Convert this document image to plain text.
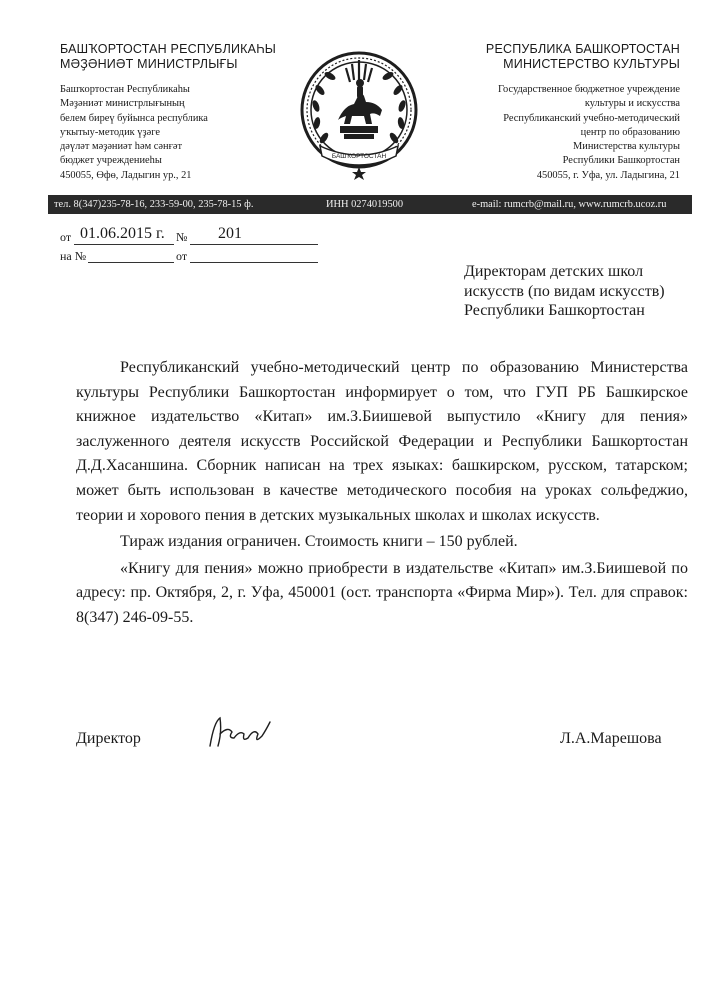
БАШҠОРТОСТАН РЕСПУБЛИКАҺЫ
МӘҘӘНИӘТ МИНИСТРЛЫҒЫ
Башҡортостан Республикаһы
Мәҙәниәт министрлығының
белем биреү буйынса республика
уҡытыу-методик үҙәге
дәүләт мәҙәниәт һәм сәнғәт
бюджет учреждениеһы
450055, Өфө, Ладыгин ур., 21
БАШҠОРТОСТАН
РЕСПУБЛИКА БАШКОРТОСТАН
МИНИСТЕРСТВО КУЛЬТУРЫ
Государственное бюджетное учреждение
культуры и искусства
Республиканский учебно-методический
центр по образованию
Министерства культуры
Республики Башкортостан
450055, г. Уфа, ул. Ладыгина, 21
тел. 8(347)235-78-16, 233-59-00, 235-78-15 ф.	ИНН 0274019500	e-mail: rumcrb@mail.ru, www.rumcrb.ucoz.ru
от 01.06.2015 г. № 201
на №	от
Директорам детских школ
искусств (по видам искусств)
Республики Башкортостан

Республиканский учебно-методический центр по образованию Министерства культуры Республики Башкортостан информирует о том, что ГУП РБ Башкирское книжное издательство «Китап» им.З.Биишевой выпустило «Книгу для пения» заслуженного деятеля искусств Российской Федерации и Республики Башкортостан Д.Д.Хасаншина. Сборник написан на трех языках: башкирском, русском, татарском; может быть использован в качестве методического пособия на уроках сольфеджио, теории и хорового пения в детских музыкальных школах и школах искусств.

Тираж издания ограничен. Стоимость книги – 150 рублей.

«Книгу для пения» можно приобрести в издательстве «Китап» им.З.Биишевой по адресу: пр. Октября, 2, г. Уфа, 450001 (ост. транспорта «Фирма Мир»). Тел. для справок: 8(347) 246-09-55.

Директор	Л.А.Марешова
